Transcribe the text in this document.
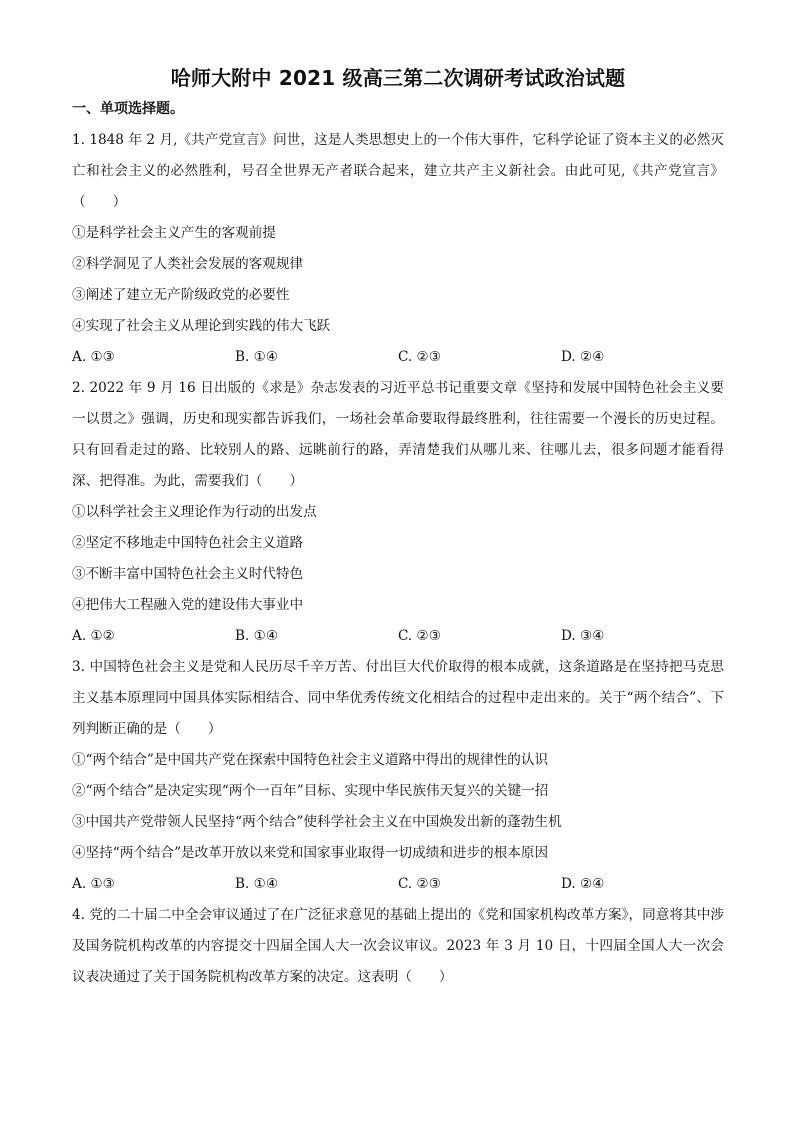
哈师大附中 2021 级高三第二次调研考试政治试题
一、单项选择题。

1. 1848 年 2 月,《共产党宣言》问世，这是人类思想史上的一个伟大事件，它科学论证了资本主义的必然灭亡和社会主义的必然胜利，号召全世界无产者联合起来，建立共产主义新社会。由此可见,《共产党宣言》（　　）

①是科学社会主义产生的客观前提

②科学洞见了人类社会发展的客观规律

③阐述了建立无产阶级政党的必要性

④实现了社会主义从理论到实践的伟大飞跃

A. ①③	B. ①④	C. ②③	D. ②④

2. 2022 年 9 月 16 日出版的《求是》杂志发表的习近平总书记重要文章《坚持和发展中国特色社会主义要一以贯之》强调，历史和现实都告诉我们，一场社会革命要取得最终胜利，往往需要一个漫长的历史过程。只有回看走过的路、比较别人的路、远眺前行的路，弄清楚我们从哪儿来、往哪儿去，很多问题才能看得深、把得准。为此，需要我们（　　）

①以科学社会主义理论作为行动的出发点

②坚定不移地走中国特色社会主义道路

③不断丰富中国特色社会主义时代特色

④把伟大工程融入党的建设伟大事业中

A. ①②	B. ①④	C. ②③	D. ③④

3. 中国特色社会主义是党和人民历尽千辛万苦、付出巨大代价取得的根本成就，这条道路是在坚持把马克思主义基本原理同中国具体实际相结合、同中华优秀传统文化相结合的过程中走出来的。关于“两个结合”、下列判断正确的是（　　）

①“两个结合”是中国共产党在探索中国特色社会主义道路中得出的规律性的认识

②“两个结合”是决定实现“两个一百年”目标、实现中华民族伟天复兴的关键一招

③中国共产党带领人民坚持“两个结合”使科学社会主义在中国焕发出新的蓬勃生机

④坚持“两个结合”是改革开放以来党和国家事业取得一切成绩和进步的根本原因

A. ①③	B. ①④	C. ②③	D. ②④

4. 党的二十届二中全会审议通过了在广泛征求意见的基础上提出的《党和国家机构改革方案》，同意将其中涉及国务院机构改革的内容提交十四届全国人大一次会议审议。2023 年 3 月 10 日，十四届全国人大一次会议表决通过了关于国务院机构改革方案的决定。这表明（　　）
